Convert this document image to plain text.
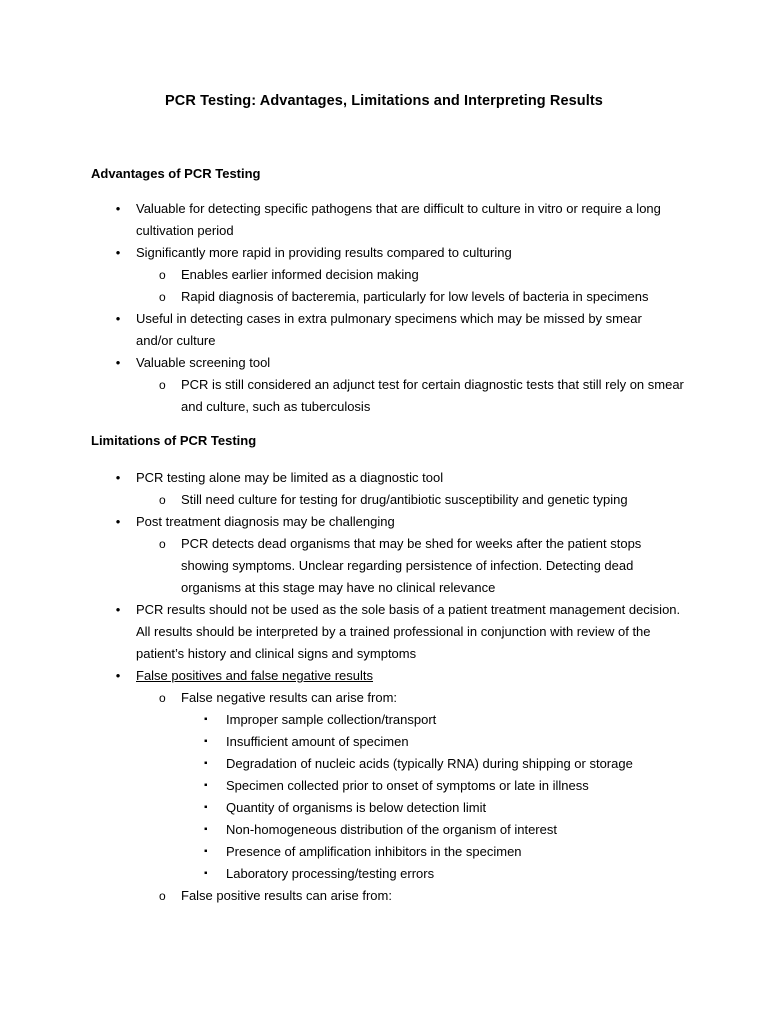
PCR Testing: Advantages, Limitations and Interpreting Results
Advantages of PCR Testing
• Valuable for detecting specific pathogens that are difficult to culture in vitro or require a long cultivation period
• Significantly more rapid in providing results compared to culturing
o Enables earlier informed decision making
o Rapid diagnosis of bacteremia, particularly for low levels of bacteria in specimens
• Useful in detecting cases in extra pulmonary specimens which may be missed by smear and/or culture
• Valuable screening tool
o PCR is still considered an adjunct test for certain diagnostic tests that still rely on smear and culture, such as tuberculosis
Limitations of PCR Testing
• PCR testing alone may be limited as a diagnostic tool
o Still need culture for testing for drug/antibiotic susceptibility and genetic typing
• Post treatment diagnosis may be challenging
o PCR detects dead organisms that may be shed for weeks after the patient stops showing symptoms. Unclear regarding persistence of infection. Detecting dead organisms at this stage may have no clinical relevance
• PCR results should not be used as the sole basis of a patient treatment management decision. All results should be interpreted by a trained professional in conjunction with review of the patient’s history and clinical signs and symptoms
• False positives and false negative results
o False negative results can arise from:
▪ Improper sample collection/transport
▪ Insufficient amount of specimen
▪ Degradation of nucleic acids (typically RNA) during shipping or storage
▪ Specimen collected prior to onset of symptoms or late in illness
▪ Quantity of organisms is below detection limit
▪ Non-homogeneous distribution of the organism of interest
▪ Presence of amplification inhibitors in the specimen
▪ Laboratory processing/testing errors
o False positive results can arise from:
